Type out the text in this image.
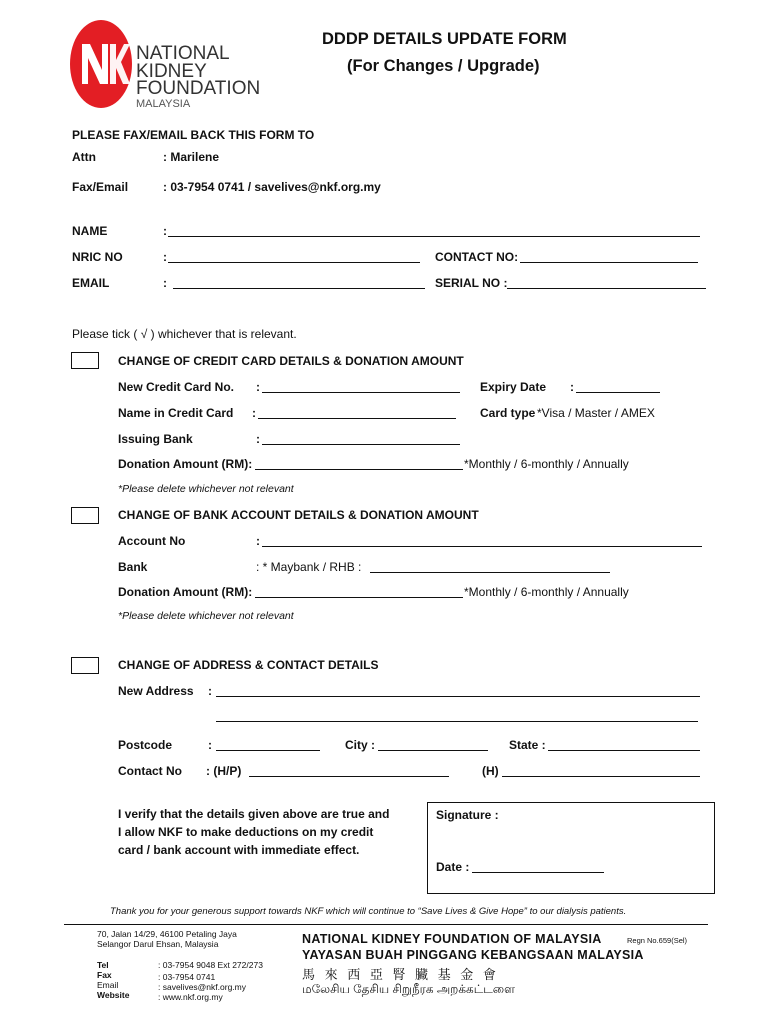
NATIONAL
KIDNEY
FOUNDATION
MALAYSIA
DDDP DETAILS UPDATE FORM
(For Changes / Upgrade)
PLEASE FAX/EMAIL BACK THIS FORM TO
Attn	: Marilene
Fax/Email	: 03-7954 0741 / savelives@nkf.org.my
NAME	:
NRIC NO	:	CONTACT NO:
EMAIL	:	SERIAL NO :
Please tick ( √ ) whichever that is relevant.
CHANGE OF CREDIT CARD DETAILS & DONATION AMOUNT
New Credit Card No. :	Expiry Date :
Name in Credit Card :	Card type *Visa / Master / AMEX
Issuing Bank	:
Donation Amount (RM):	*Monthly / 6-monthly / Annually
*Please delete whichever not relevant
CHANGE OF BANK ACCOUNT DETAILS & DONATION AMOUNT
Account No	:
Bank	: * Maybank / RHB :
Donation Amount (RM):	*Monthly / 6-monthly / Annually
*Please delete whichever not relevant
CHANGE OF ADDRESS & CONTACT DETAILS
New Address :
Postcode	:	City :	State :
Contact No : (H/P)	(H)
I verify that the details given above are true and
I allow NKF to make deductions on my credit
card / bank account with immediate effect.
Signature :
Date :
Thank you for your generous support towards NKF which will continue to “Save Lives & Give Hope” to our dialysis patients.
70, Jalan 14/29, 46100 Petaling Jaya
Selangor Darul Ehsan, Malaysia
Tel	: 03-7954 9048 Ext 272/273
Fax	: 03-7954 0741
Email	: savelives@nkf.org.my
Website	: www.nkf.org.my
NATIONAL KIDNEY FOUNDATION OF MALAYSIA	Regn No.659(Sel)
YAYASAN BUAH PINGGANG KEBANGSAAN MALAYSIA
馬 來 西 亞 腎 臟 基 金 會
மலேசிய தேசிய சிறுநீரக அறக்கட்டளை
